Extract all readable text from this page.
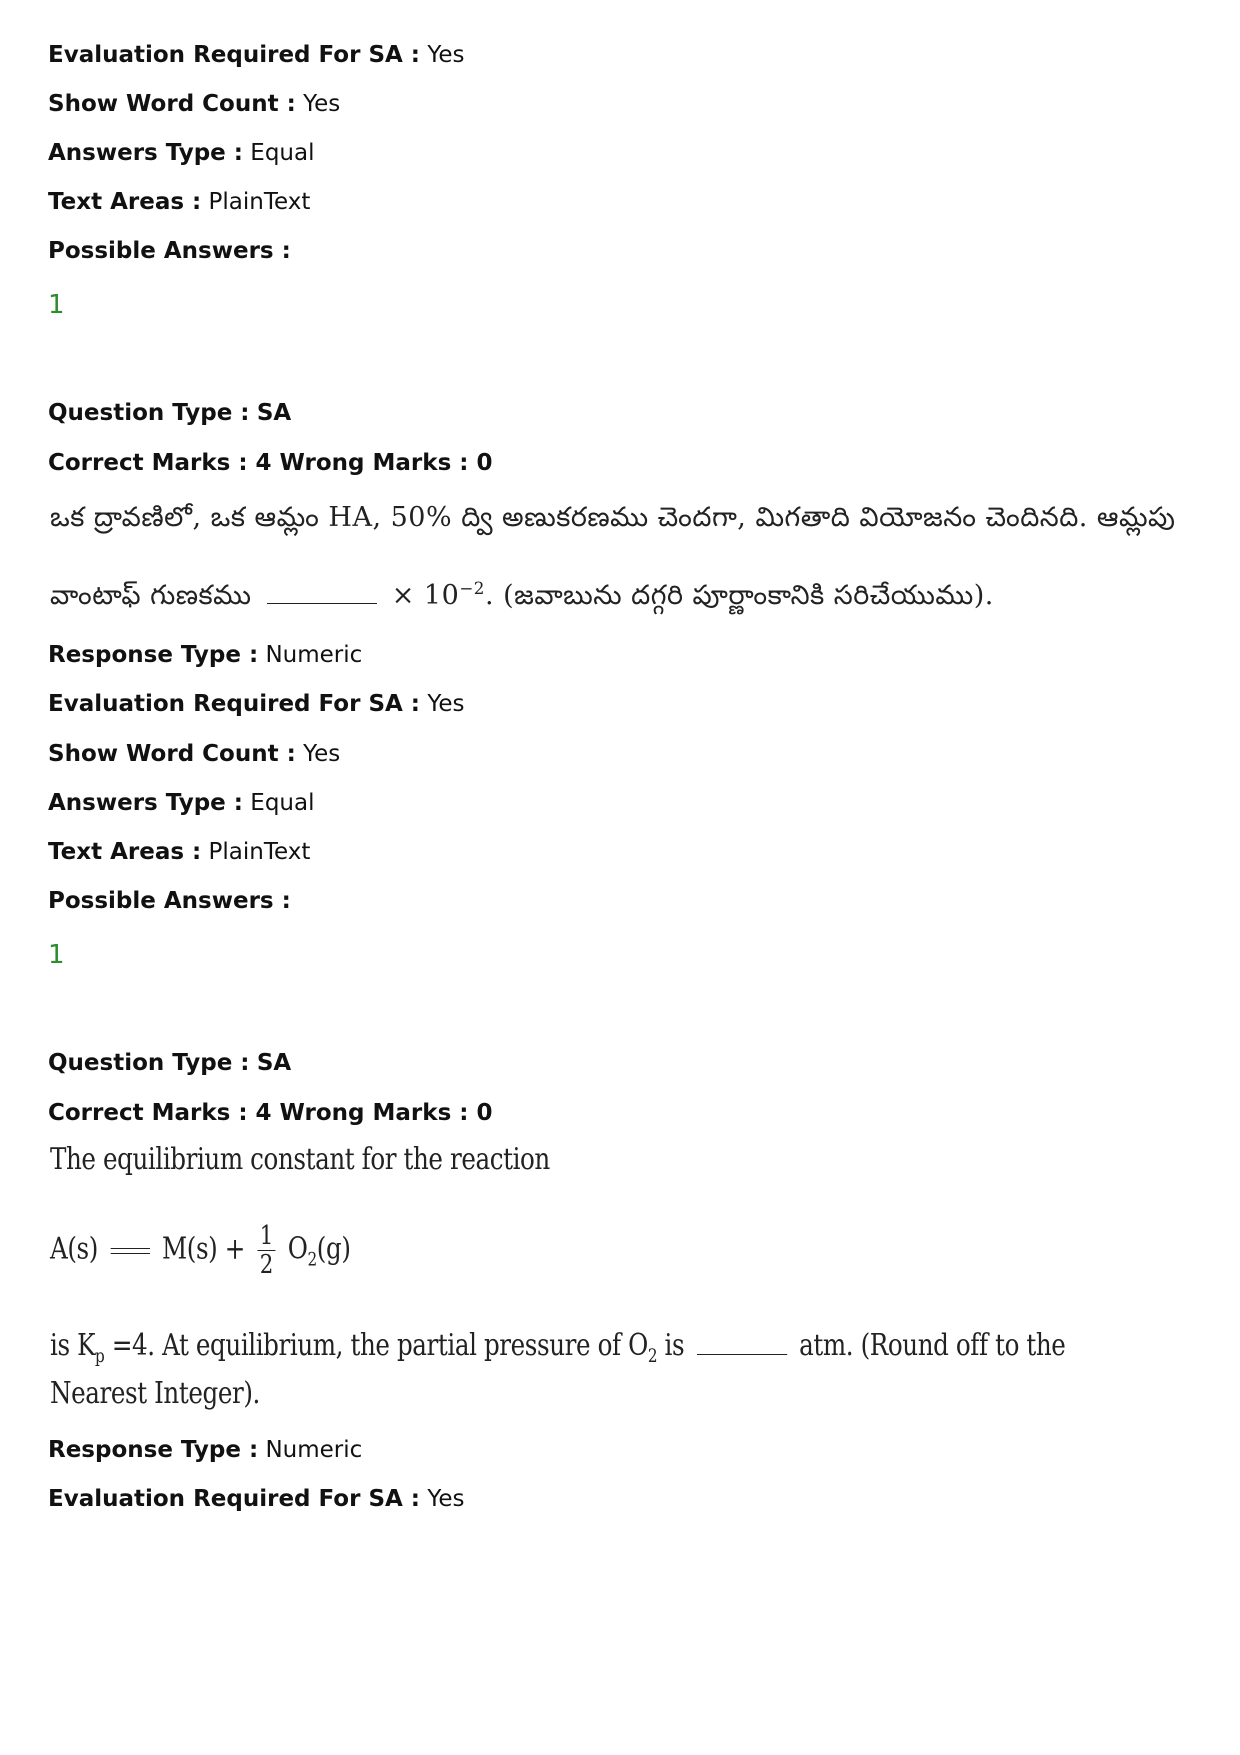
Evaluation Required For SA : Yes
Show Word Count : Yes
Answers Type : Equal
Text Areas : PlainText
Possible Answers :
1
Question Type : SA
Correct Marks : 4 Wrong Marks : 0
ఒక ద్రావణిలో, ఒక ఆమ్లం HA, 50% ద్వి అణుకరణము చెందగా, మిగతాది వియోజనం చెందినది. ఆమ్లపు
వాంటాఫ్ గుణకము	× $10^{-2}$. (జవాబును దగ్గరి పూర్ణాంకానికి సరిచేయుము).
Response Type : Numeric
Evaluation Required For SA : Yes
Show Word Count : Yes
Answers Type : Equal
Text Areas : PlainText
Possible Answers :
1
Question Type : SA
Correct Marks : 4 Wrong Marks : 0
The equilibrium constant for the reaction
A(s) $M(s) + \frac{1}{2} O_2(g)$
is $K_p =4$. At equilibrium, the partial pressure of $O_2$ is	atm. (Round off to the
Nearest Integer).
Response Type : Numeric
Evaluation Required For SA : Yes
